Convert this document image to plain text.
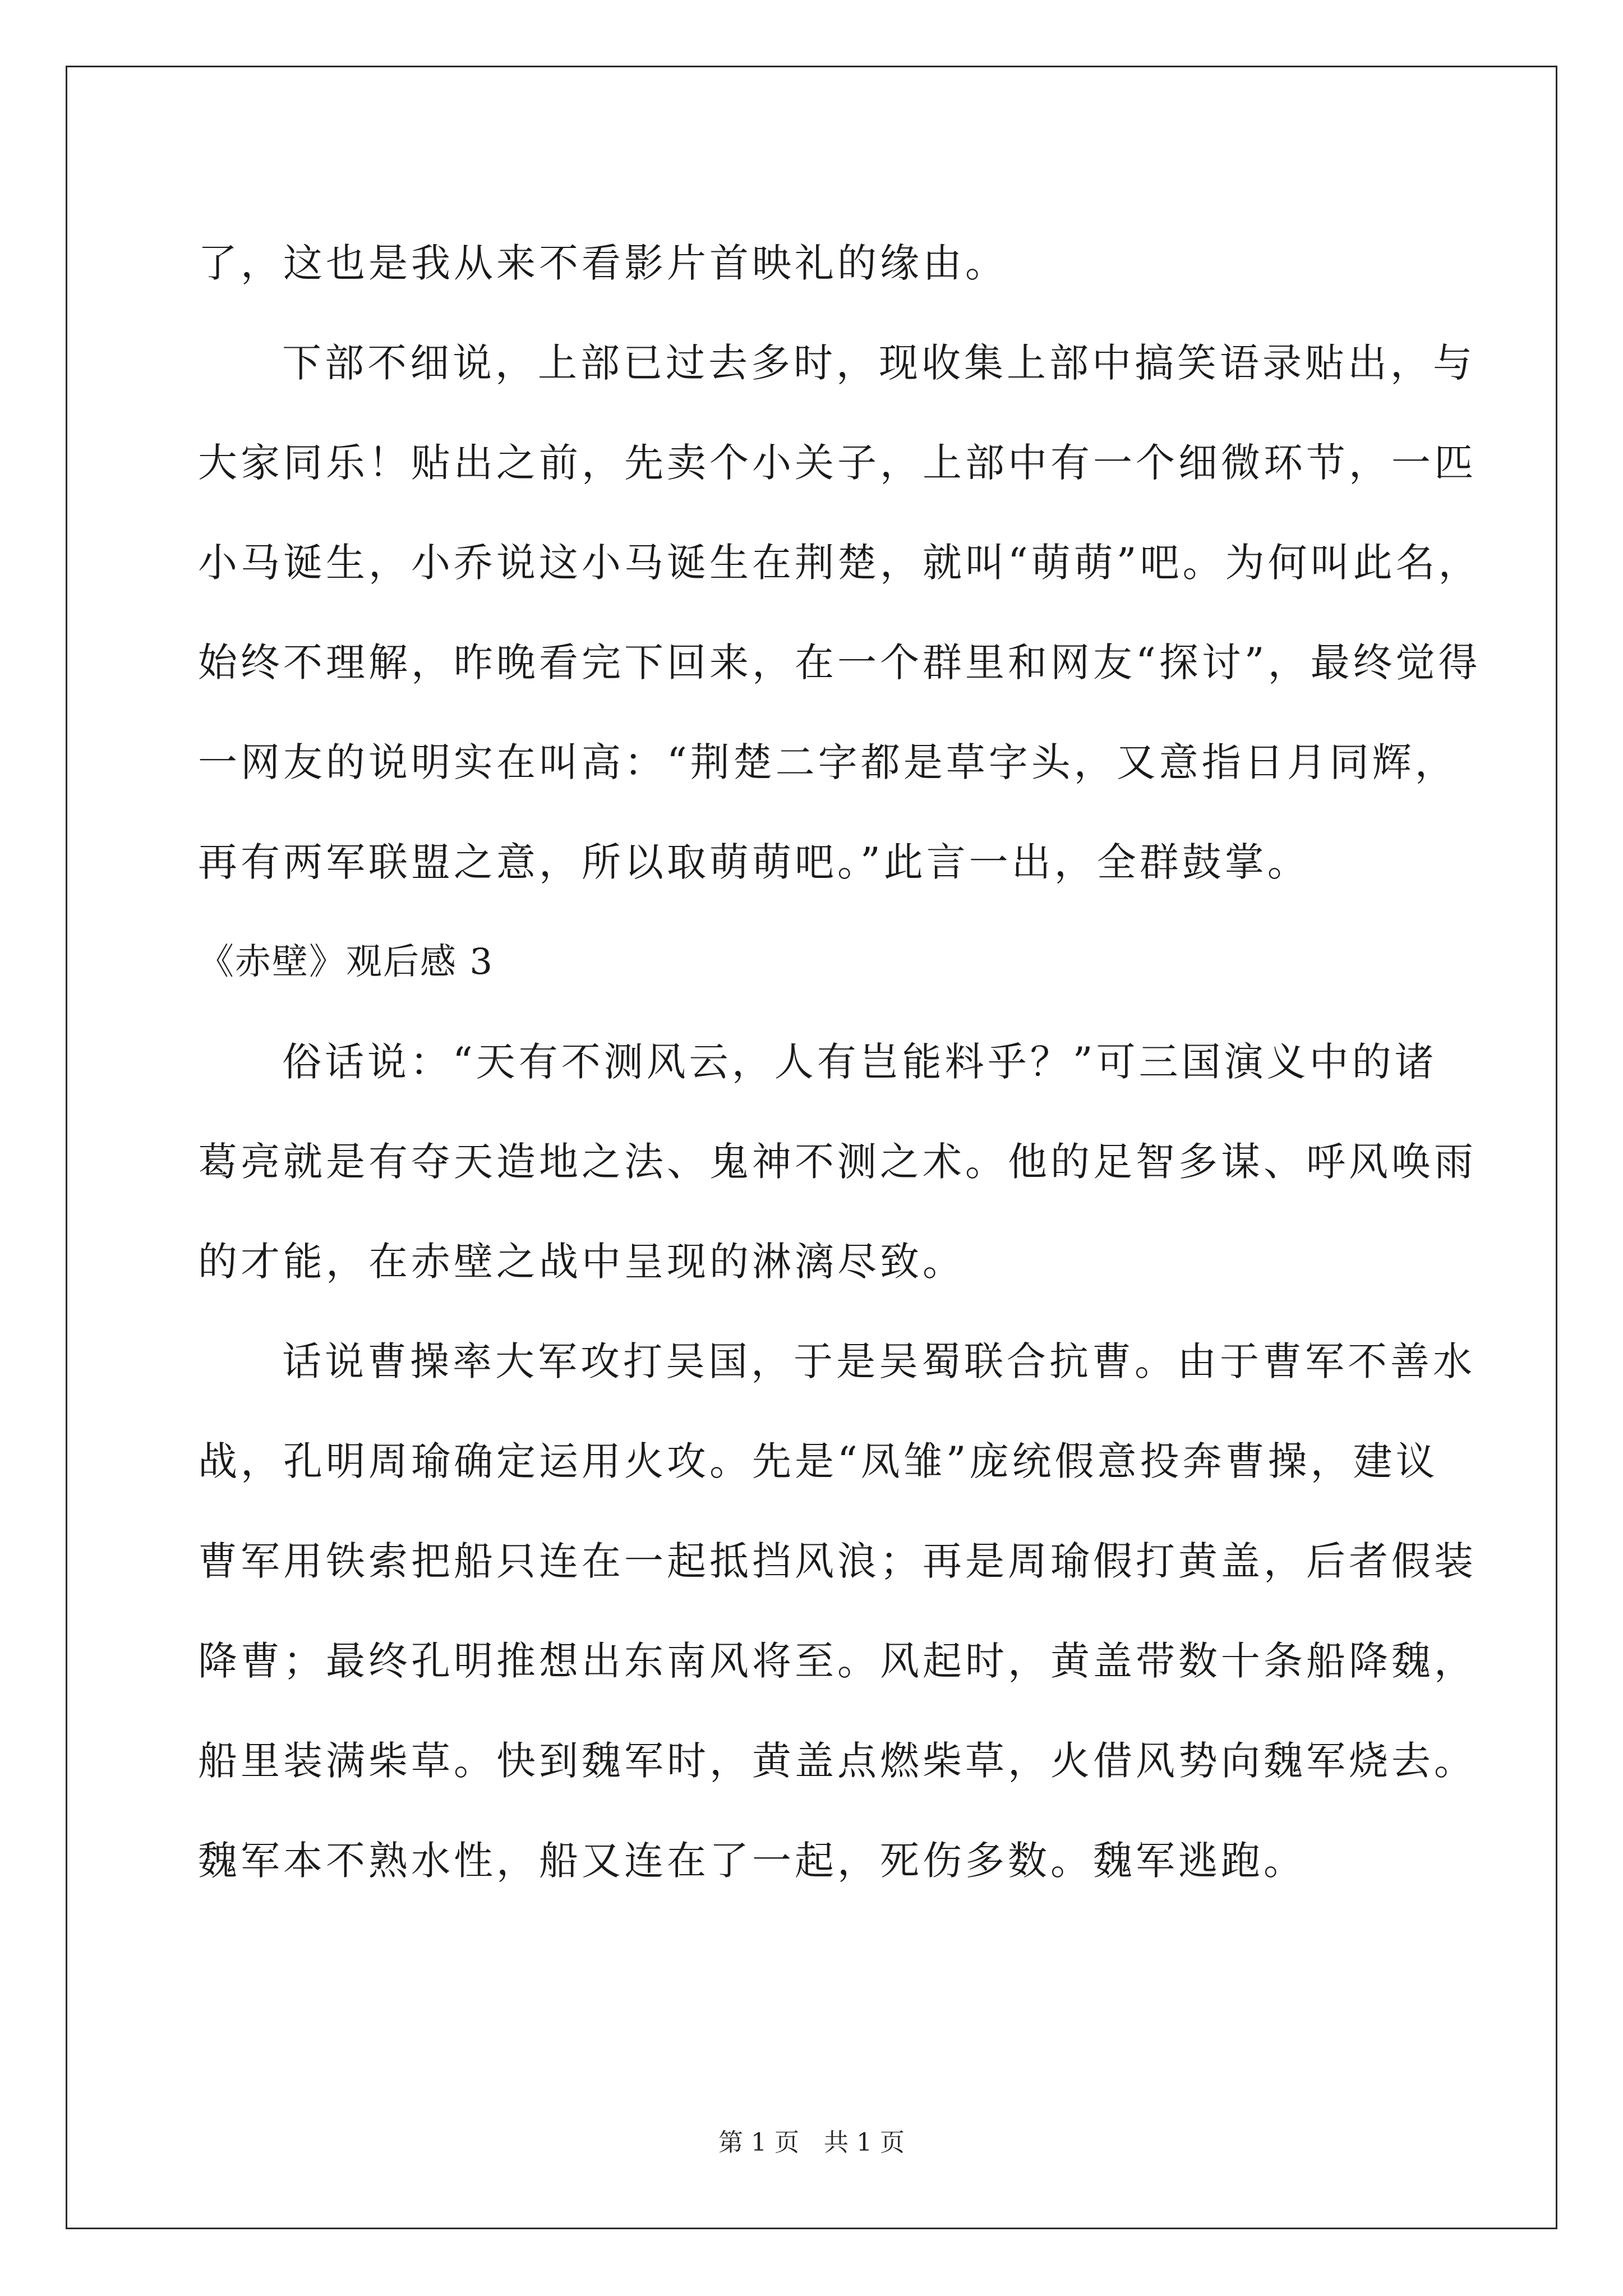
了，这也是我从来不看影片首映礼的缘由。
下部不细说，上部已过去多时，现收集上部中搞笑语录贴出，与
大家同乐！贴出之前，先卖个小关子，上部中有一个细微环节，一匹
小马诞生，小乔说这小马诞生在荆楚，就叫“萌萌”吧。为何叫此名，
始终不理解，昨晚看完下回来，在一个群里和网友“探讨”，最终觉得
一网友的说明实在叫高：“荆楚二字都是草字头，又意指日月同辉，
再有两军联盟之意，所以取萌萌吧。”此言一出，全群鼓掌。
《赤壁》观后感 3
俗话说：“天有不测风云，人有岂能料乎？”可三国演义中的诸
葛亮就是有夺天造地之法、鬼神不测之术。他的足智多谋、呼风唤雨
的才能，在赤壁之战中呈现的淋漓尽致。
话说曹操率大军攻打吴国，于是吴蜀联合抗曹。由于曹军不善水
战，孔明周瑜确定运用火攻。先是“凤雏”庞统假意投奔曹操，建议
曹军用铁索把船只连在一起抵挡风浪；再是周瑜假打黄盖，后者假装
降曹；最终孔明推想出东南风将至。风起时，黄盖带数十条船降魏，
船里装满柴草。快到魏军时，黄盖点燃柴草，火借风势向魏军烧去。
魏军本不熟水性，船又连在了一起，死伤多数。魏军逃跑。
第 1 页　共 1 页
